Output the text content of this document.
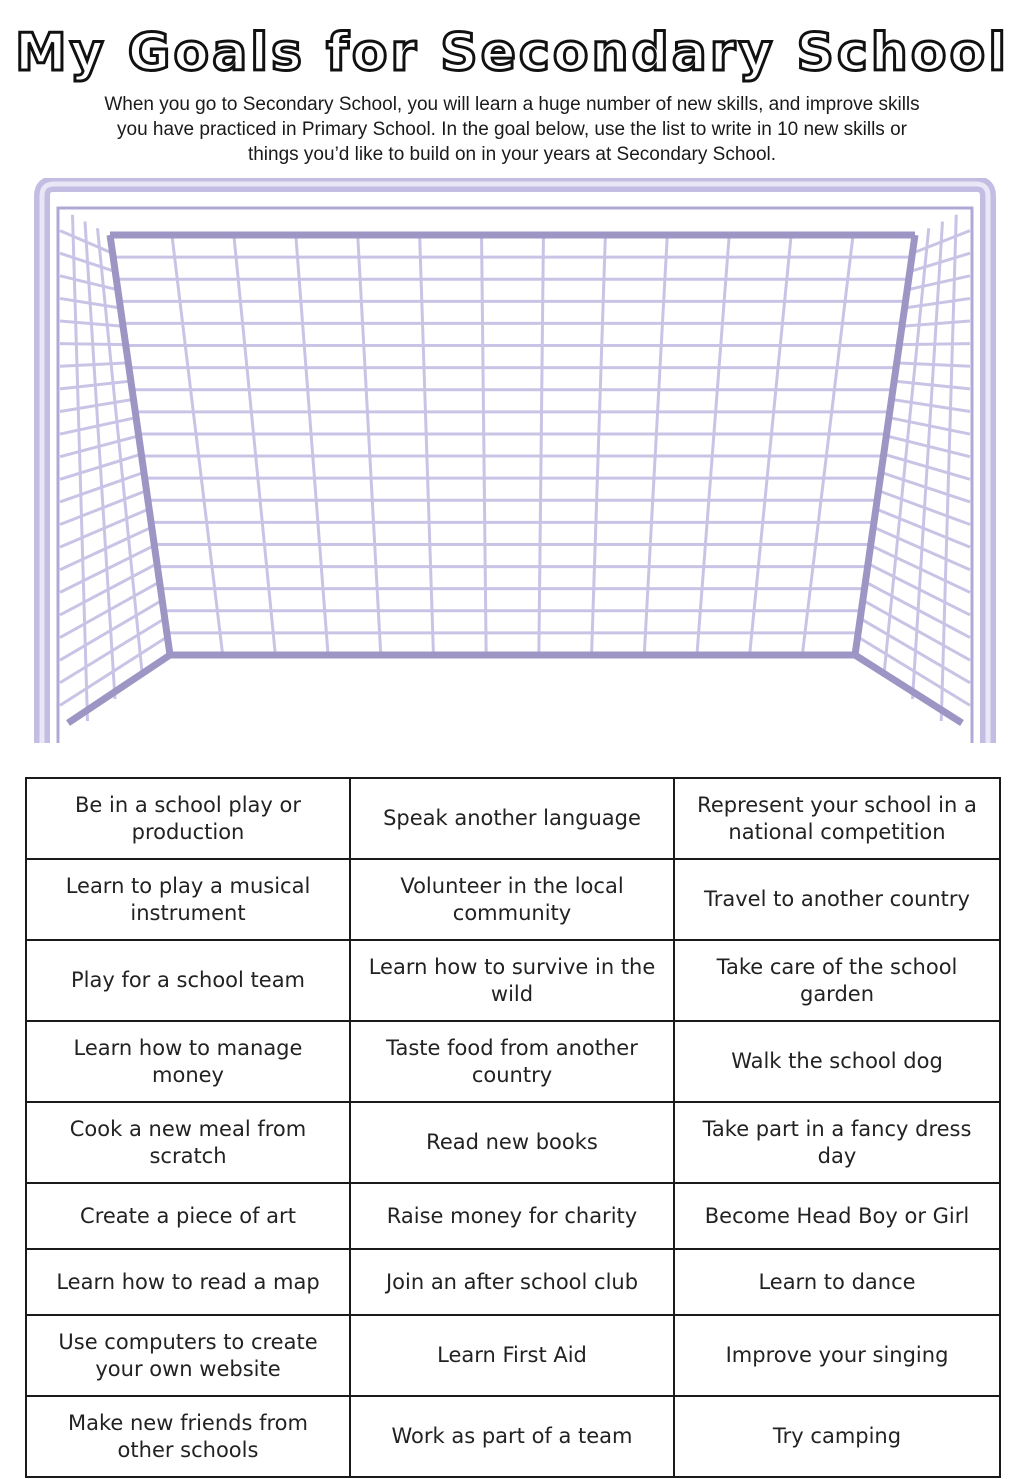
My Goals for Secondary School
When you go to Secondary School, you will learn a huge number of new skills, and improve skills
you have practiced in Primary School. In the goal below, use the list to write in 10 new skills or
things you’d like to build on in your years at Secondary School.
Be in a school play or production	Speak another language	Represent your school in a national competition
Learn to play a musical instrument	Volunteer in the local community	Travel to another country
Play for a school team	Learn how to survive in the wild	Take care of the school garden
Learn how to manage money	Taste food from another country	Walk the school dog
Cook a new meal from scratch	Read new books	Take part in a fancy dress day
Create a piece of art	Raise money for charity	Become Head Boy or Girl
Learn how to read a map	Join an after school club	Learn to dance
Use computers to create your own website	Learn First Aid	Improve your singing
Make new friends from other schools	Work as part of a team	Try camping
